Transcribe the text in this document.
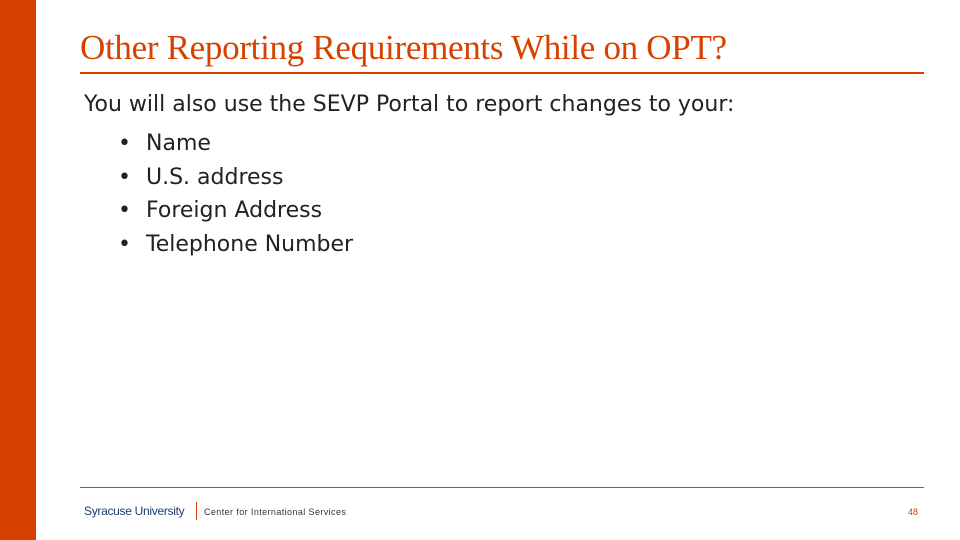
Other Reporting Requirements While on OPT?

You will also use the SEVP Portal to report changes to your:

• Name
• U.S. address
• Foreign Address
• Telephone Number
Syracuse University Center for International Services	48
